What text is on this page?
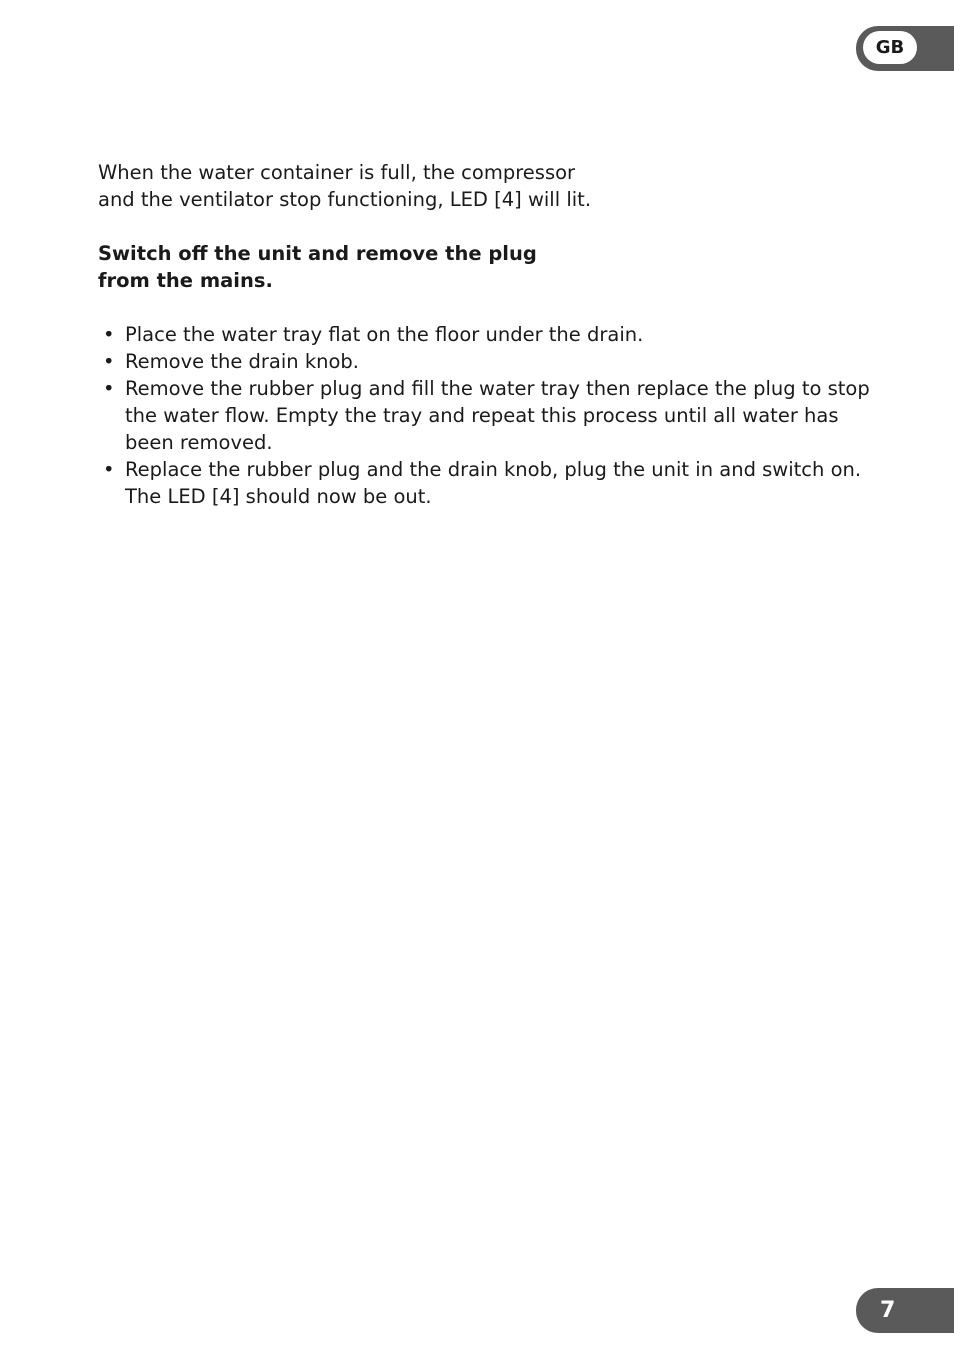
GB

When the water container is full, the compressor and the ventilator stop functioning, LED [4] will lit.

Switch off the unit and remove the plug from the mains.

• Place the water tray flat on the floor under the drain.
• Remove the drain knob.
• Remove the rubber plug and fill the water tray then replace the plug to stop the water flow. Empty the tray and repeat this process until all water has been removed.
• Replace the rubber plug and the drain knob, plug the unit in and switch on. The LED [4] should now be out.
7
